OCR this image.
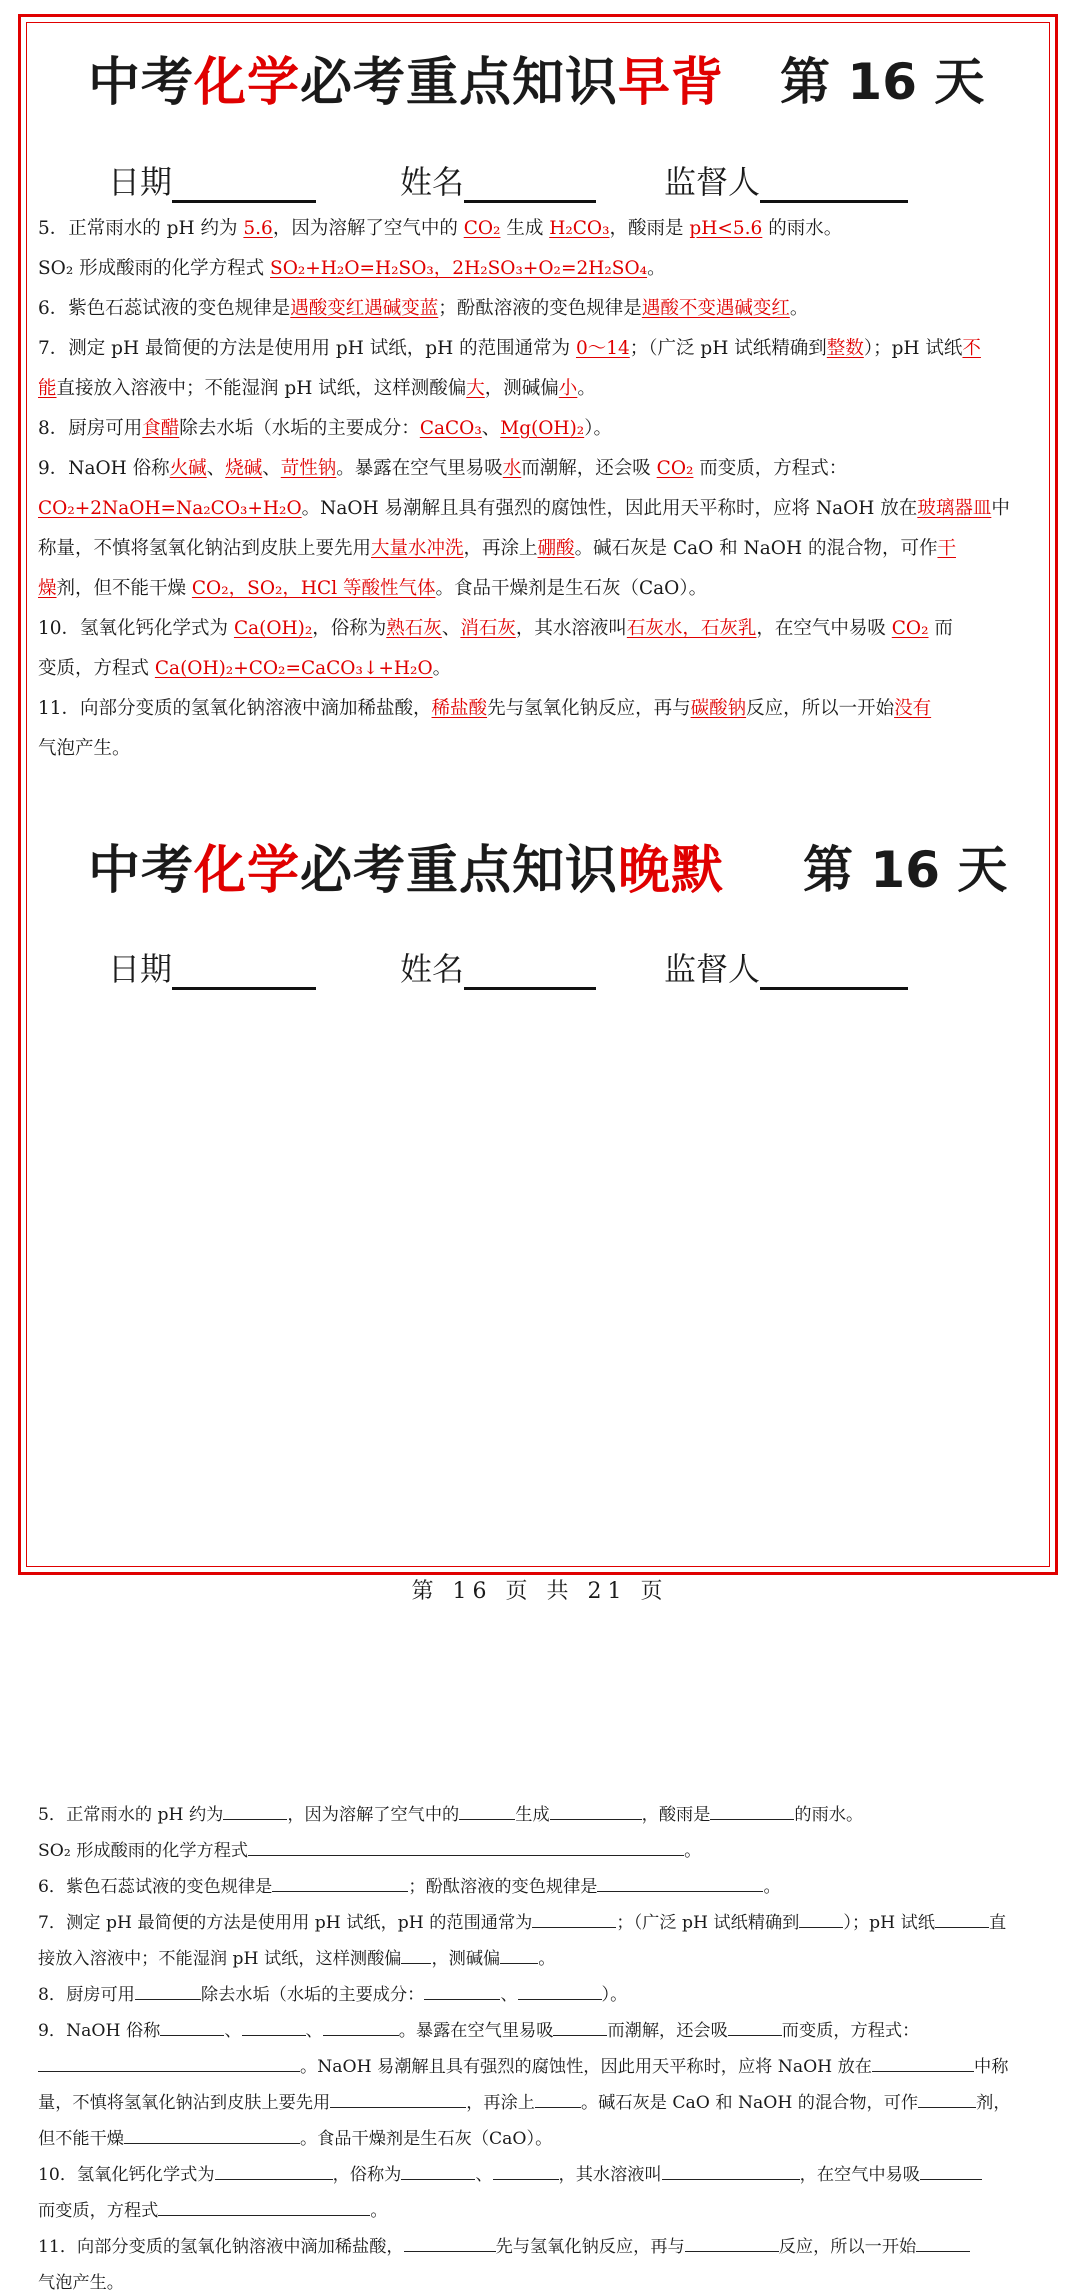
中考化学必考重点知识早背 第 16 天
日期	姓名	监督人
5．正常雨水的 pH 约为 5.6，因为溶解了空气中的 CO₂ 生成 H₂CO₃，酸雨是 pH<5.6 的雨水。
SO₂ 形成酸雨的化学方程式 SO₂+H₂O=H₂SO₃，2H₂SO₃+O₂=2H₂SO₄。
6．紫色石蕊试液的变色规律是遇酸变红遇碱变蓝；酚酞溶液的变色规律是遇酸不变遇碱变红。
7．测定 pH 最简便的方法是使用用 pH 试纸，pH 的范围通常为 0～14；（广泛 pH 试纸精确到整数）；pH 试纸不
能直接放入溶液中；不能湿润 pH 试纸，这样测酸偏大，测碱偏小。
8．厨房可用食醋除去水垢（水垢的主要成分：CaCO₃、Mg(OH)₂）。
9．NaOH 俗称火碱、烧碱、苛性钠。暴露在空气里易吸水而潮解，还会吸 CO₂ 而变质，方程式：
CO₂+2NaOH=Na₂CO₃+H₂O。NaOH 易潮解且具有强烈的腐蚀性，因此用天平称时，应将 NaOH 放在玻璃器皿中
称量，不慎将氢氧化钠沾到皮肤上要先用大量水冲洗，再涂上硼酸。碱石灰是 CaO 和 NaOH 的混合物，可作干
燥剂，但不能干燥 CO₂，SO₂，HCl 等酸性气体。食品干燥剂是生石灰（CaO）。
10．氢氧化钙化学式为 Ca(OH)₂，俗称为熟石灰、消石灰，其水溶液叫石灰水，石灰乳，在空气中易吸 CO₂ 而
变质，方程式 Ca(OH)₂+CO₂=CaCO₃↓+H₂O。
11．向部分变质的氢氧化钠溶液中滴加稀盐酸，稀盐酸先与氢氧化钠反应，再与碳酸钠反应，所以一开始没有
气泡产生。
中考化学必考重点知识晚默 第 16 天
日期	姓名	监督人
5．正常雨水的 pH 约为	，因为溶解了空气中的	生成	，酸雨是	的雨水。
SO₂ 形成酸雨的化学方程式	。
6．紫色石蕊试液的变色规律是	；酚酞溶液的变色规律是	。
7．测定 pH 最简便的方法是使用用 pH 试纸，pH 的范围通常为	；（广泛 pH 试纸精确到	）；pH 试纸	直
接放入溶液中；不能湿润 pH 试纸，这样测酸偏 ，测碱偏 。
8．厨房可用	除去水垢（水垢的主要成分：	、	）。
9．NaOH 俗称	、	、	。暴露在空气里易吸	而潮解，还会吸	而变质，方程式：
。NaOH 易潮解且具有强烈的腐蚀性，因此用天平称时，应将 NaOH 放在	中称
量，不慎将氢氧化钠沾到皮肤上要先用	，再涂上	。碱石灰是 CaO 和 NaOH 的混合物，可作	剂，
但不能干燥	。食品干燥剂是生石灰（CaO）。
10．氢氧化钙化学式为	，俗称为	、	，其水溶液叫	，在空气中易吸
而变质，方程式	。
11．向部分变质的氢氧化钠溶液中滴加稀盐酸，	先与氢氧化钠反应，再与	反应，所以一开始
气泡产生。
第 16 页 共 21 页
